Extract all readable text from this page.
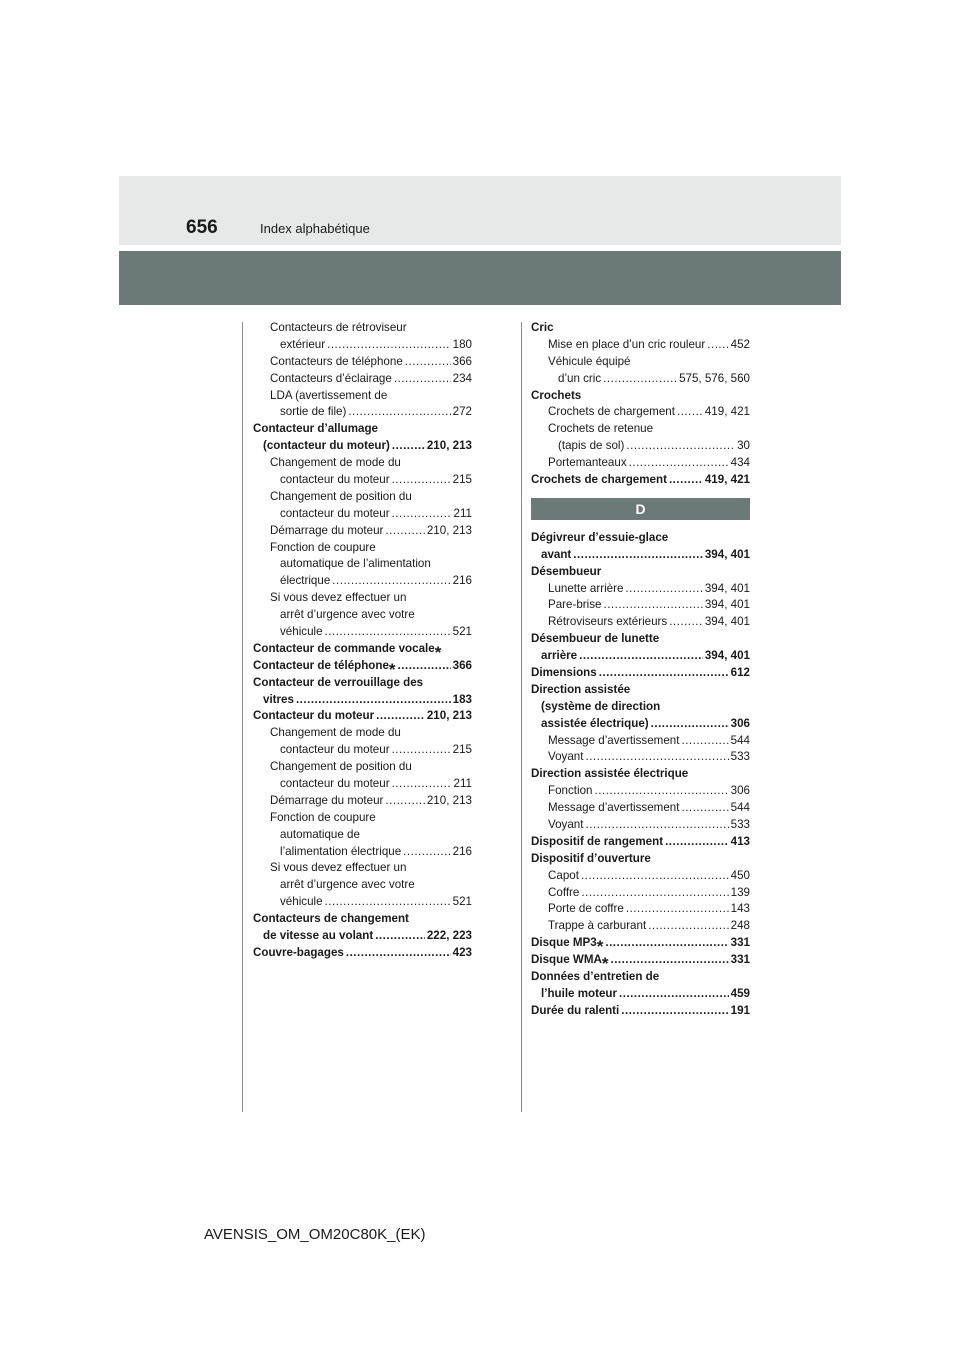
656	Index alphabétique
Contacteurs de rétroviseur
extérieur .....	180
Contacteurs de téléphone .....	366
Contacteurs d’éclairage .....	234
LDA (avertissement de
sortie de file) .....	272
Contacteur d’allumage
(contacteur du moteur) .....	210, 213
Changement de mode du
contacteur du moteur .....	215
Changement de position du
contacteur du moteur .....	211
Démarrage du moteur .....	210, 213
Fonction de coupure
automatique de l’alimentation
électrique .....	216
Si vous devez effectuer un
arrêt d’urgence avec votre
véhicule .....	521
Contacteur de commande vocale *
Contacteur de téléphone * .....	366
Contacteur de verrouillage des
vitres .....	183
Contacteur du moteur .....	210, 213
Changement de mode du
contacteur du moteur .....	215
Changement de position du
contacteur du moteur .....	211
Démarrage du moteur .....	210, 213
Fonction de coupure
automatique de
l’alimentation électrique .....	216
Si vous devez effectuer un
arrêt d’urgence avec votre
véhicule .....	521
Contacteurs de changement
de vitesse au volant .....	222, 223
Couvre-bagages .....	423
Cric
Mise en place d’un cric rouleur ..... 452
Véhicule équipé
d’un cric .....	575, 576, 560
Crochets
Crochets de chargement .....	419, 421
Crochets de retenue
(tapis de sol) .....	30
Portemanteaux .....	434
Crochets de chargement .....	419, 421
D
Dégivreur d’essuie-glace
avant .....	394, 401
Désembueur
Lunette arrière .....	394, 401
Pare-brise .....	394, 401
Rétroviseurs extérieurs .....	394, 401
Désembueur de lunette
arrière .....	394, 401
Dimensions .....	612
Direction assistée
(système de direction
assistée électrique) .....	306
Message d’avertissement .....	544
Voyant .....	533
Direction assistée électrique
Fonction .....	306
Message d’avertissement .....	544
Voyant .....	533
Dispositif de rangement .....	413
Dispositif d’ouverture
Capot .....	450
Coffre .....	139
Porte de coffre .....	143
Trappe à carburant .....	248
Disque MP3 * .....	331
Disque WMA * .....	331
Données d’entretien de
l’huile moteur .....	459
Durée du ralenti .....	191
AVENSIS_OM_OM20C80K_(EK)
